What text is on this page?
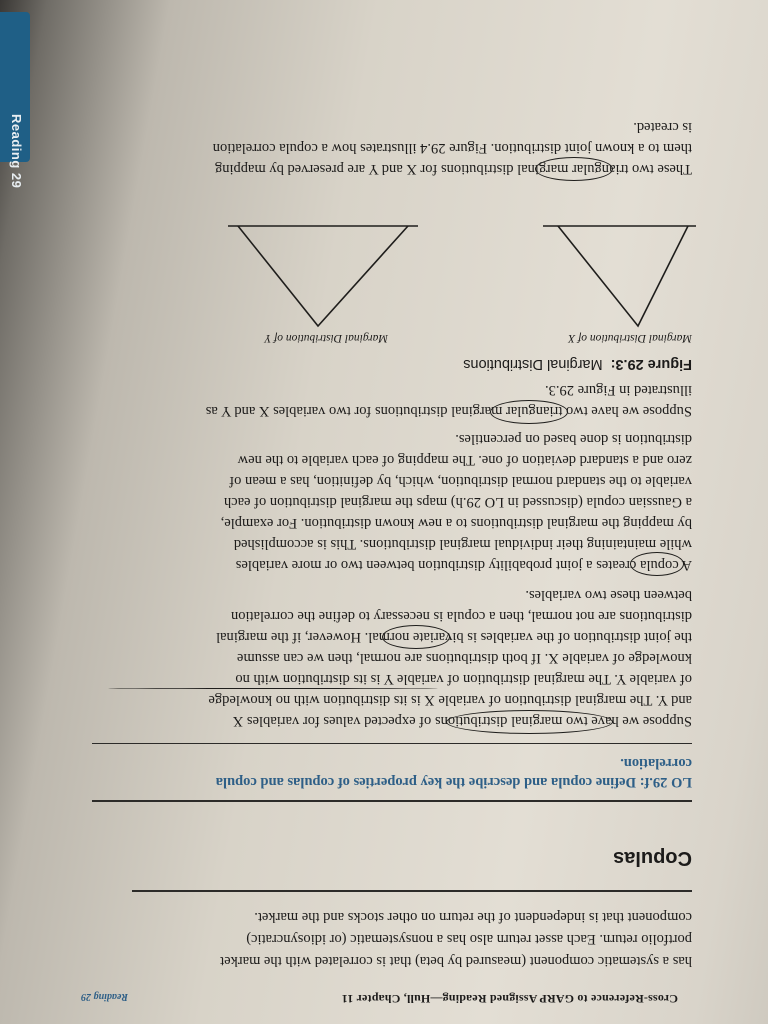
Reading 29
Cross-Reference to GARP Assigned Reading—Hull, Chapter 11
Reading 29
has a systematic component (measured by beta) that is correlated with the market
portfolio return. Each asset return also has a nonsystematic (or idiosyncratic)
component that is independent of the return on other stocks and the market.
Copulas
LO 29.f: Define copula and describe the key properties of copulas and copula
correlation.
Suppose we have two marginal distributions of expected values for variables X
and Y. The marginal distribution of variable X is its distribution with no knowledge
of variable Y. The marginal distribution of variable Y is its distribution with no
knowledge of variable X. If both distributions are normal, then we can assume
the joint distribution of the variables is bivariate normal. However, if the marginal
distributions are not normal, then a copula is necessary to define the correlation
between these two variables.
A copula creates a joint probability distribution between two or more variables
while maintaining their individual marginal distributions. This is accomplished
by mapping the marginal distributions to a new known distribution. For example,
a Gaussian copula (discussed in LO 29.h) maps the marginal distribution of each
variable to the standard normal distribution, which, by definition, has a mean of
zero and a standard deviation of one. The mapping of each variable to the new
distribution is done based on percentiles.
Suppose we have two triangular marginal distributions for two variables X and Y as
illustrated in Figure 29.3.
Figure 29.3:Marginal Distributions
Marginal Distribution of X
Marginal Distribution of Y
These two triangular marginal distributions for X and Y are preserved by mapping
them to a known joint distribution. Figure 29.4 illustrates how a copula correlation
is created.
